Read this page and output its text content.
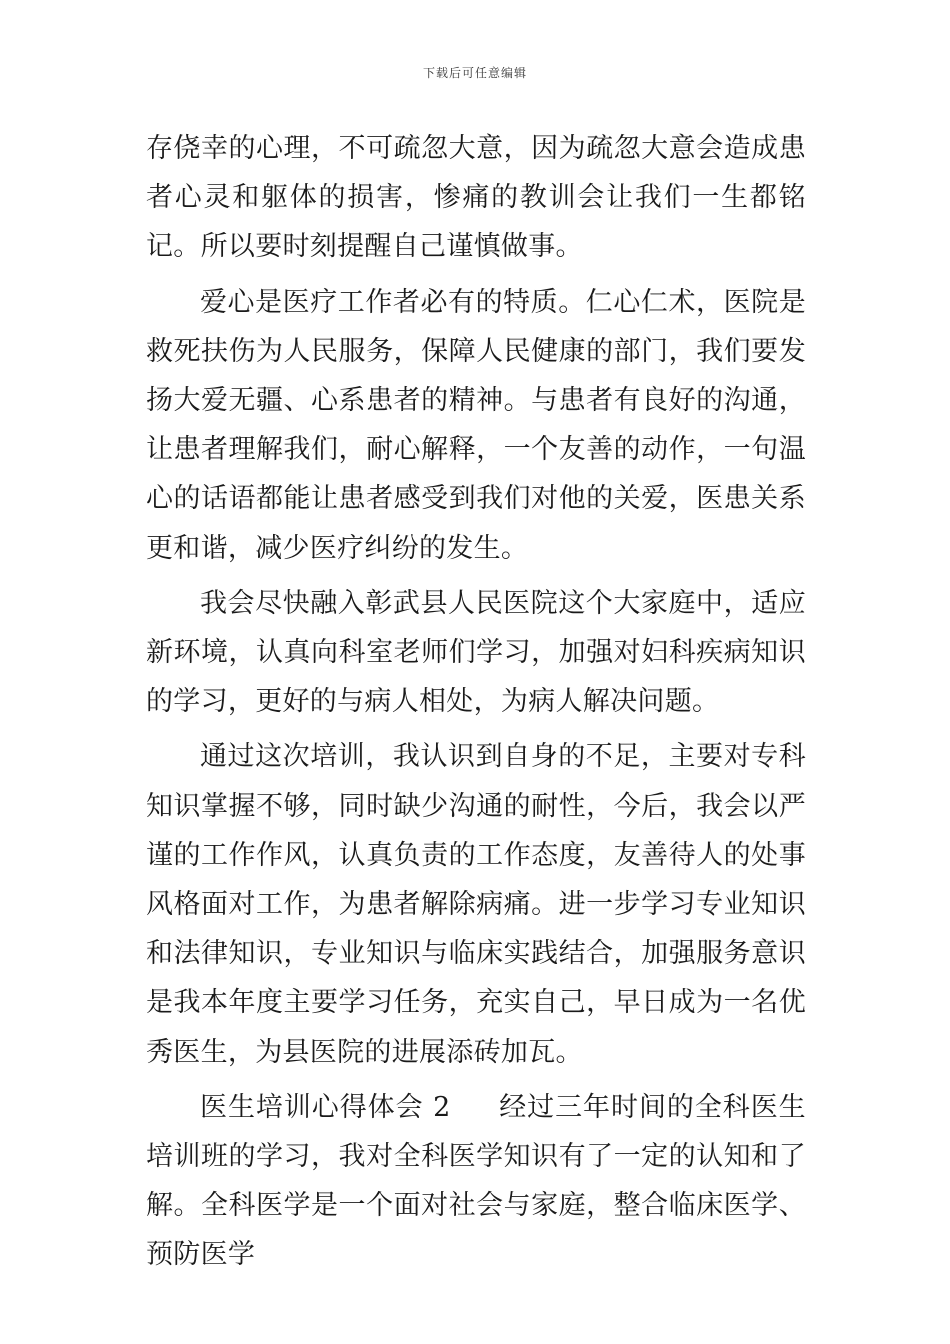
下载后可任意编辑

存侥幸的心理，不可疏忽大意，因为疏忽大意会造成患者心灵和躯体的损害，惨痛的教训会让我们一生都铭记。所以要时刻提醒自己谨慎做事。

爱心是医疗工作者必有的特质。仁心仁术，医院是救死扶伤为人民服务，保障人民健康的部门，我们要发扬大爱无疆、心系患者的精神。与患者有良好的沟通，让患者理解我们，耐心解释，一个友善的动作，一句温心的话语都能让患者感受到我们对他的关爱，医患关系更和谐，减少医疗纠纷的发生。

我会尽快融入彰武县人民医院这个大家庭中，适应新环境，认真向科室老师们学习，加强对妇科疾病知识的学习，更好的与病人相处，为病人解决问题。

通过这次培训，我认识到自身的不足，主要对专科知识掌握不够，同时缺少沟通的耐性，今后，我会以严谨的工作作风，认真负责的工作态度，友善待人的处事风格面对工作，为患者解除病痛。进一步学习专业知识和法律知识，专业知识与临床实践结合，加强服务意识是我本年度主要学习任务，充实自己，早日成为一名优秀医生，为县医院的进展添砖加瓦。

医生培训心得体会 2 经过三年时间的全科医生培训班的学习，我对全科医学知识有了一定的认知和了解。全科医学是一个面对社会与家庭，整合临床医学、预防医学
